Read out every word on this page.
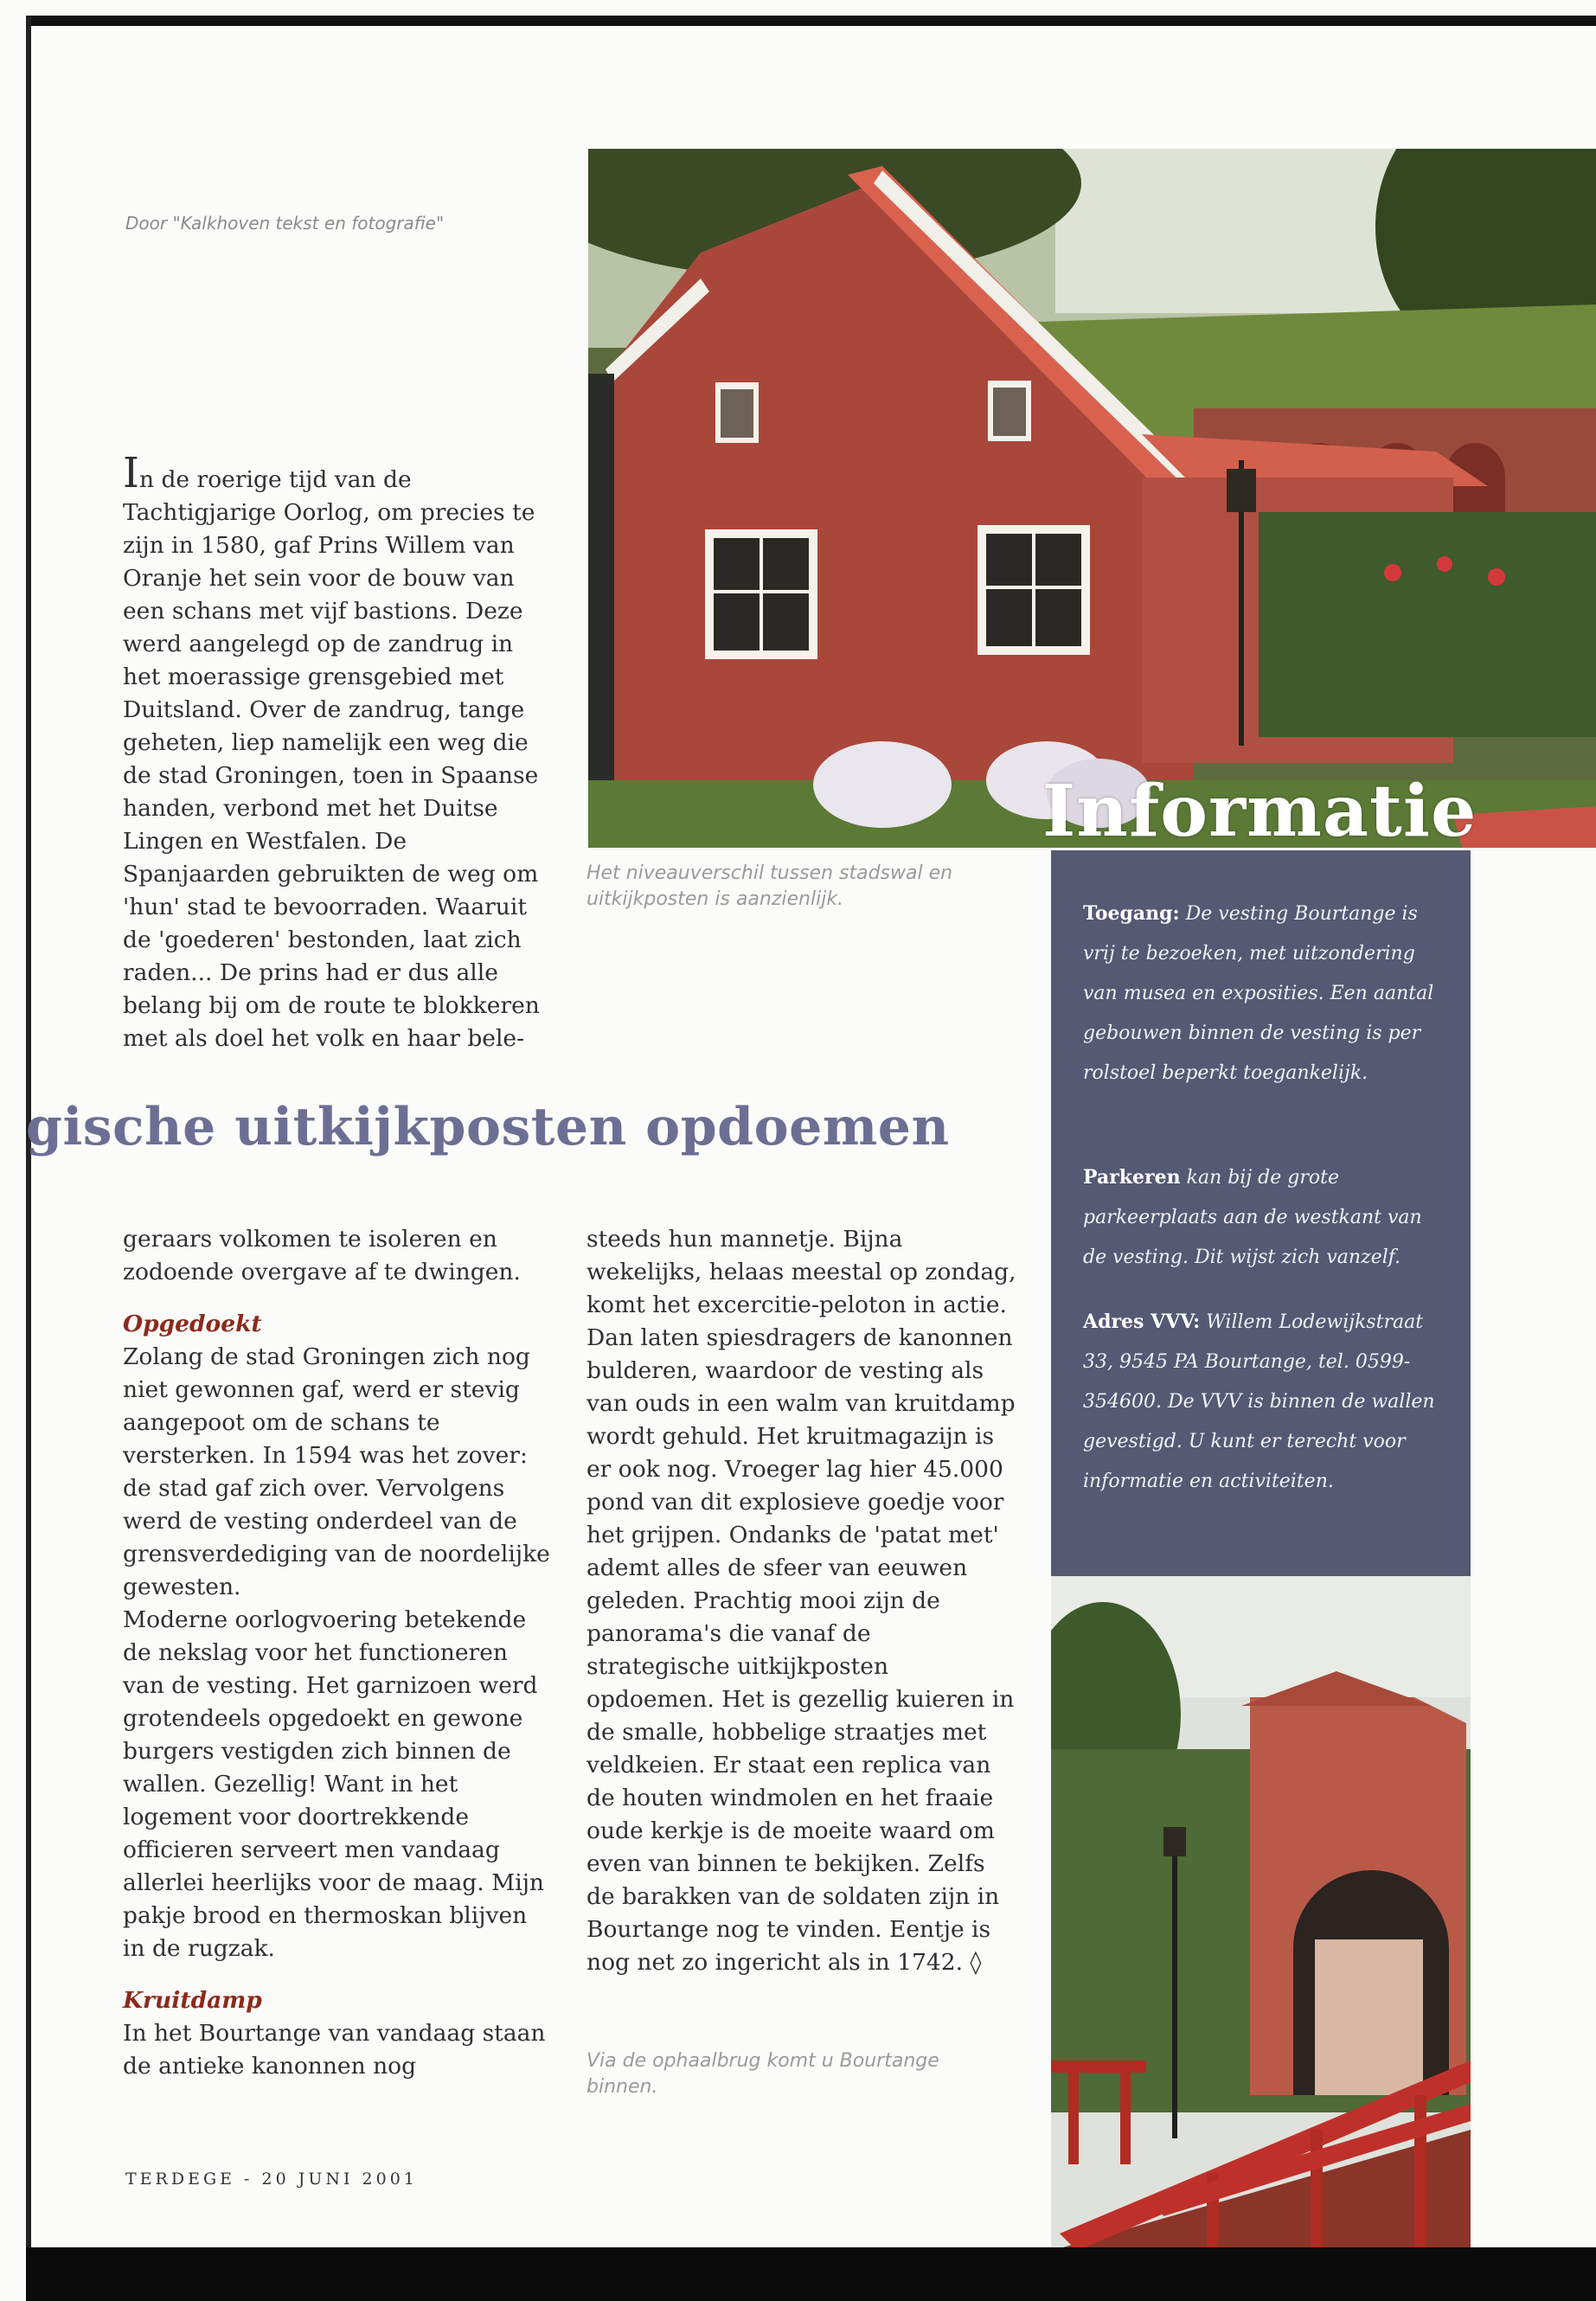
Door "Kalkhoven tekst en fotografie"
Het niveauverschil tussen stadswal en uitkijkposten is aanzienlijk.
In de roerige tijd van de Tachtigjarige Oorlog, om precies te zijn in 1580, gaf Prins Willem van Oranje het sein voor de bouw van een schans met vijf bastions. Deze werd aangelegd op de zandrug in het moerassige grensgebied met Duitsland. Over de zandrug, tange geheten, liep namelijk een weg die de stad Groningen, toen in Spaanse handen, verbond met het Duitse Lingen en Westfalen. De Spanjaarden gebruikten de weg om 'hun' stad te bevoorraden. Waaruit de 'goederen' bestonden, laat zich raden... De prins had er dus alle belang bij om de route te blokkeren met als doel het volk en haar bele-
gische uitkijkposten opdoemen
geraars volkomen te isoleren en zodoende overgave af te dwingen.
Opgedoekt
Zolang de stad Groningen zich nog niet gewonnen gaf, werd er stevig aangepoot om de schans te versterken. In 1594 was het zover: de stad gaf zich over. Vervolgens werd de vesting onderdeel van de grensverdediging van de noordelijke gewesten.
Moderne oorlogvoering betekende de nekslag voor het functioneren van de vesting. Het garnizoen werd grotendeels opgedoekt en gewone burgers vestigden zich binnen de wallen. Gezellig! Want in het logement voor doortrekkende officieren serveert men vandaag allerlei heerlijks voor de maag. Mijn pakje brood en thermoskan blijven in de rugzak.
Kruitdamp
In het Bourtange van vandaag staan de antieke kanonnen nog
steeds hun mannetje. Bijna wekelijks, helaas meestal op zondag, komt het excercitie-peloton in actie. Dan laten spiesdragers de kanonnen bulderen, waardoor de vesting als van ouds in een walm van kruitdamp wordt gehuld. Het kruitmagazijn is er ook nog. Vroeger lag hier 45.000 pond van dit explosieve goedje voor het grijpen. Ondanks de 'patat met' ademt alles de sfeer van eeuwen geleden. Prachtig mooi zijn de panorama's die vanaf de strategische uitkijkposten opdoemen. Het is gezellig kuieren in de smalle, hobbelige straatjes met veldkeien. Er staat een replica van de houten windmolen en het fraaie oude kerkje is de moeite waard om even van binnen te bekijken. Zelfs de barakken van de soldaten zijn in Bourtange nog te vinden. Eentje is nog net zo ingericht als in 1742. ◊
Via de ophaalbrug komt u Bourtange binnen.
Toegang: De vesting Bourtange is vrij te bezoeken, met uitzondering van musea en exposities. Een aantal gebouwen binnen de vesting is per rolstoel beperkt toegankelijk.
Parkeren kan bij de grote parkeerplaats aan de westkant van de vesting. Dit wijst zich vanzelf.
Adres VVV: Willem Lodewijkstraat 33, 9545 PA Bourtange, tel. 0599-354600. De VVV is binnen de wallen gevestigd. U kunt er terecht voor informatie en activiteiten.
Informatie
TERDEGE - 20 JUNI 2001
